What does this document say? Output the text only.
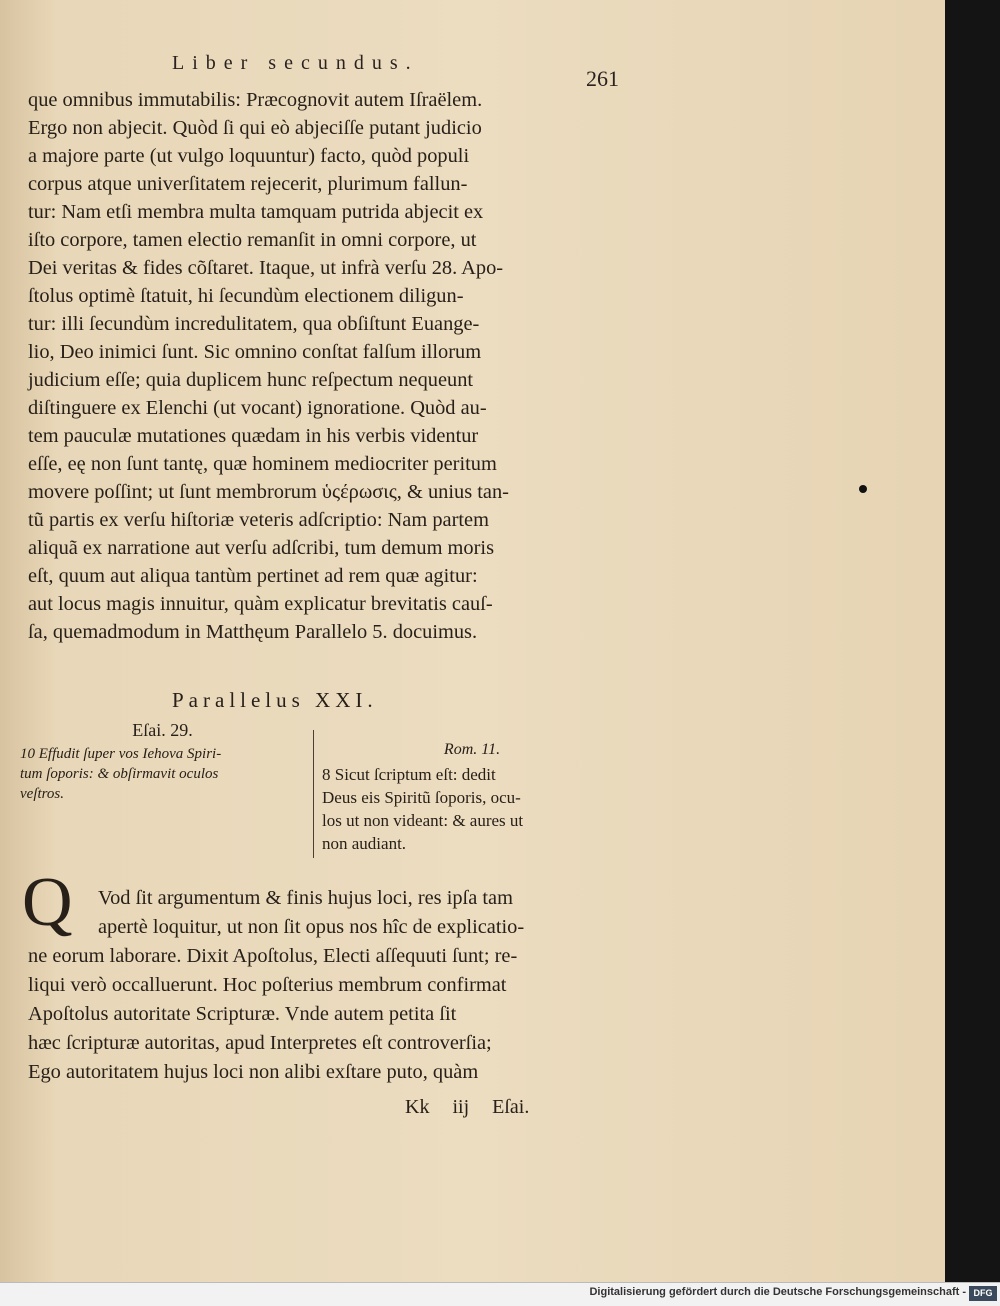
Liber secundus.
261
que omnibus immutabilis: Præcognovit autem Iſraëlem.
Ergo non abjecit. Quòd ſi qui eò abjeciſſe putant judicio
a majore parte (ut vulgo loquuntur) facto, quòd populi
corpus atque univerſitatem rejecerit, plurimum fallun-
tur: Nam etſi membra multa tamquam putrida abjecit ex
iſto corpore, tamen electio remanſit in omni corpore, ut
Dei veritas & fides cõſtaret. Itaque, ut infrà verſu 28. Apo-
ſtolus optimè ſtatuit, hi ſecundùm electionem diligun-
tur: illi ſecundùm incredulitatem, qua obſiſtunt Euange-
lio, Deo inimici ſunt. Sic omnino conſtat falſum illorum
judicium eſſe; quia duplicem hunc reſpectum nequeunt
diſtinguere ex Elenchi (ut vocant) ignoratione. Quòd au-
tem pauculæ mutationes quædam in his verbis videntur
eſſe, eę non ſunt tantę, quæ hominem mediocriter peritum
movere poſſint; ut ſunt membrorum ὑςέρωσις, & unius tan-
tũ partis ex verſu hiſtoriæ veteris adſcriptio: Nam partem
aliquã ex narratione aut verſu adſcribi, tum demum moris
eſt, quum aut aliqua tantùm pertinet ad rem quæ agitur:
aut locus magis innuitur, quàm explicatur brevitatis cauſ-
ſa, quemadmodum in Matthęum Parallelo 5. docuimus.
Parallelus XXI.
Eſai. 29.
10 Effudit ſuper vos Iehova Spiri-
tum ſoporis: & obſirmavit oculos
veſtros.
Rom. 11.
8 Sicut ſcriptum eſt: dedit
Deus eis Spiritũ ſoporis, ocu-
los ut non videant: & aures ut
non audiant.
Q	Vod ſit argumentum & finis hujus loci, res ipſa tam
apertè loquitur, ut non ſit opus nos hîc de explicatio-
ne eorum laborare. Dixit Apoſtolus, Electi aſſequuti ſunt; re-
liqui verò occalluerunt. Hoc poſterius membrum confirmat
Apoſtolus autoritate Scripturæ. Vnde autem petita ſit
hæc ſcripturæ autoritas, apud Interpretes eſt controverſia;
Ego autoritatem hujus loci non alibi exſtare puto, quàm
Kk iij Eſai.
Digitalisierung gefördert durch die Deutsche Forschungsgemeinschaft - DFG
